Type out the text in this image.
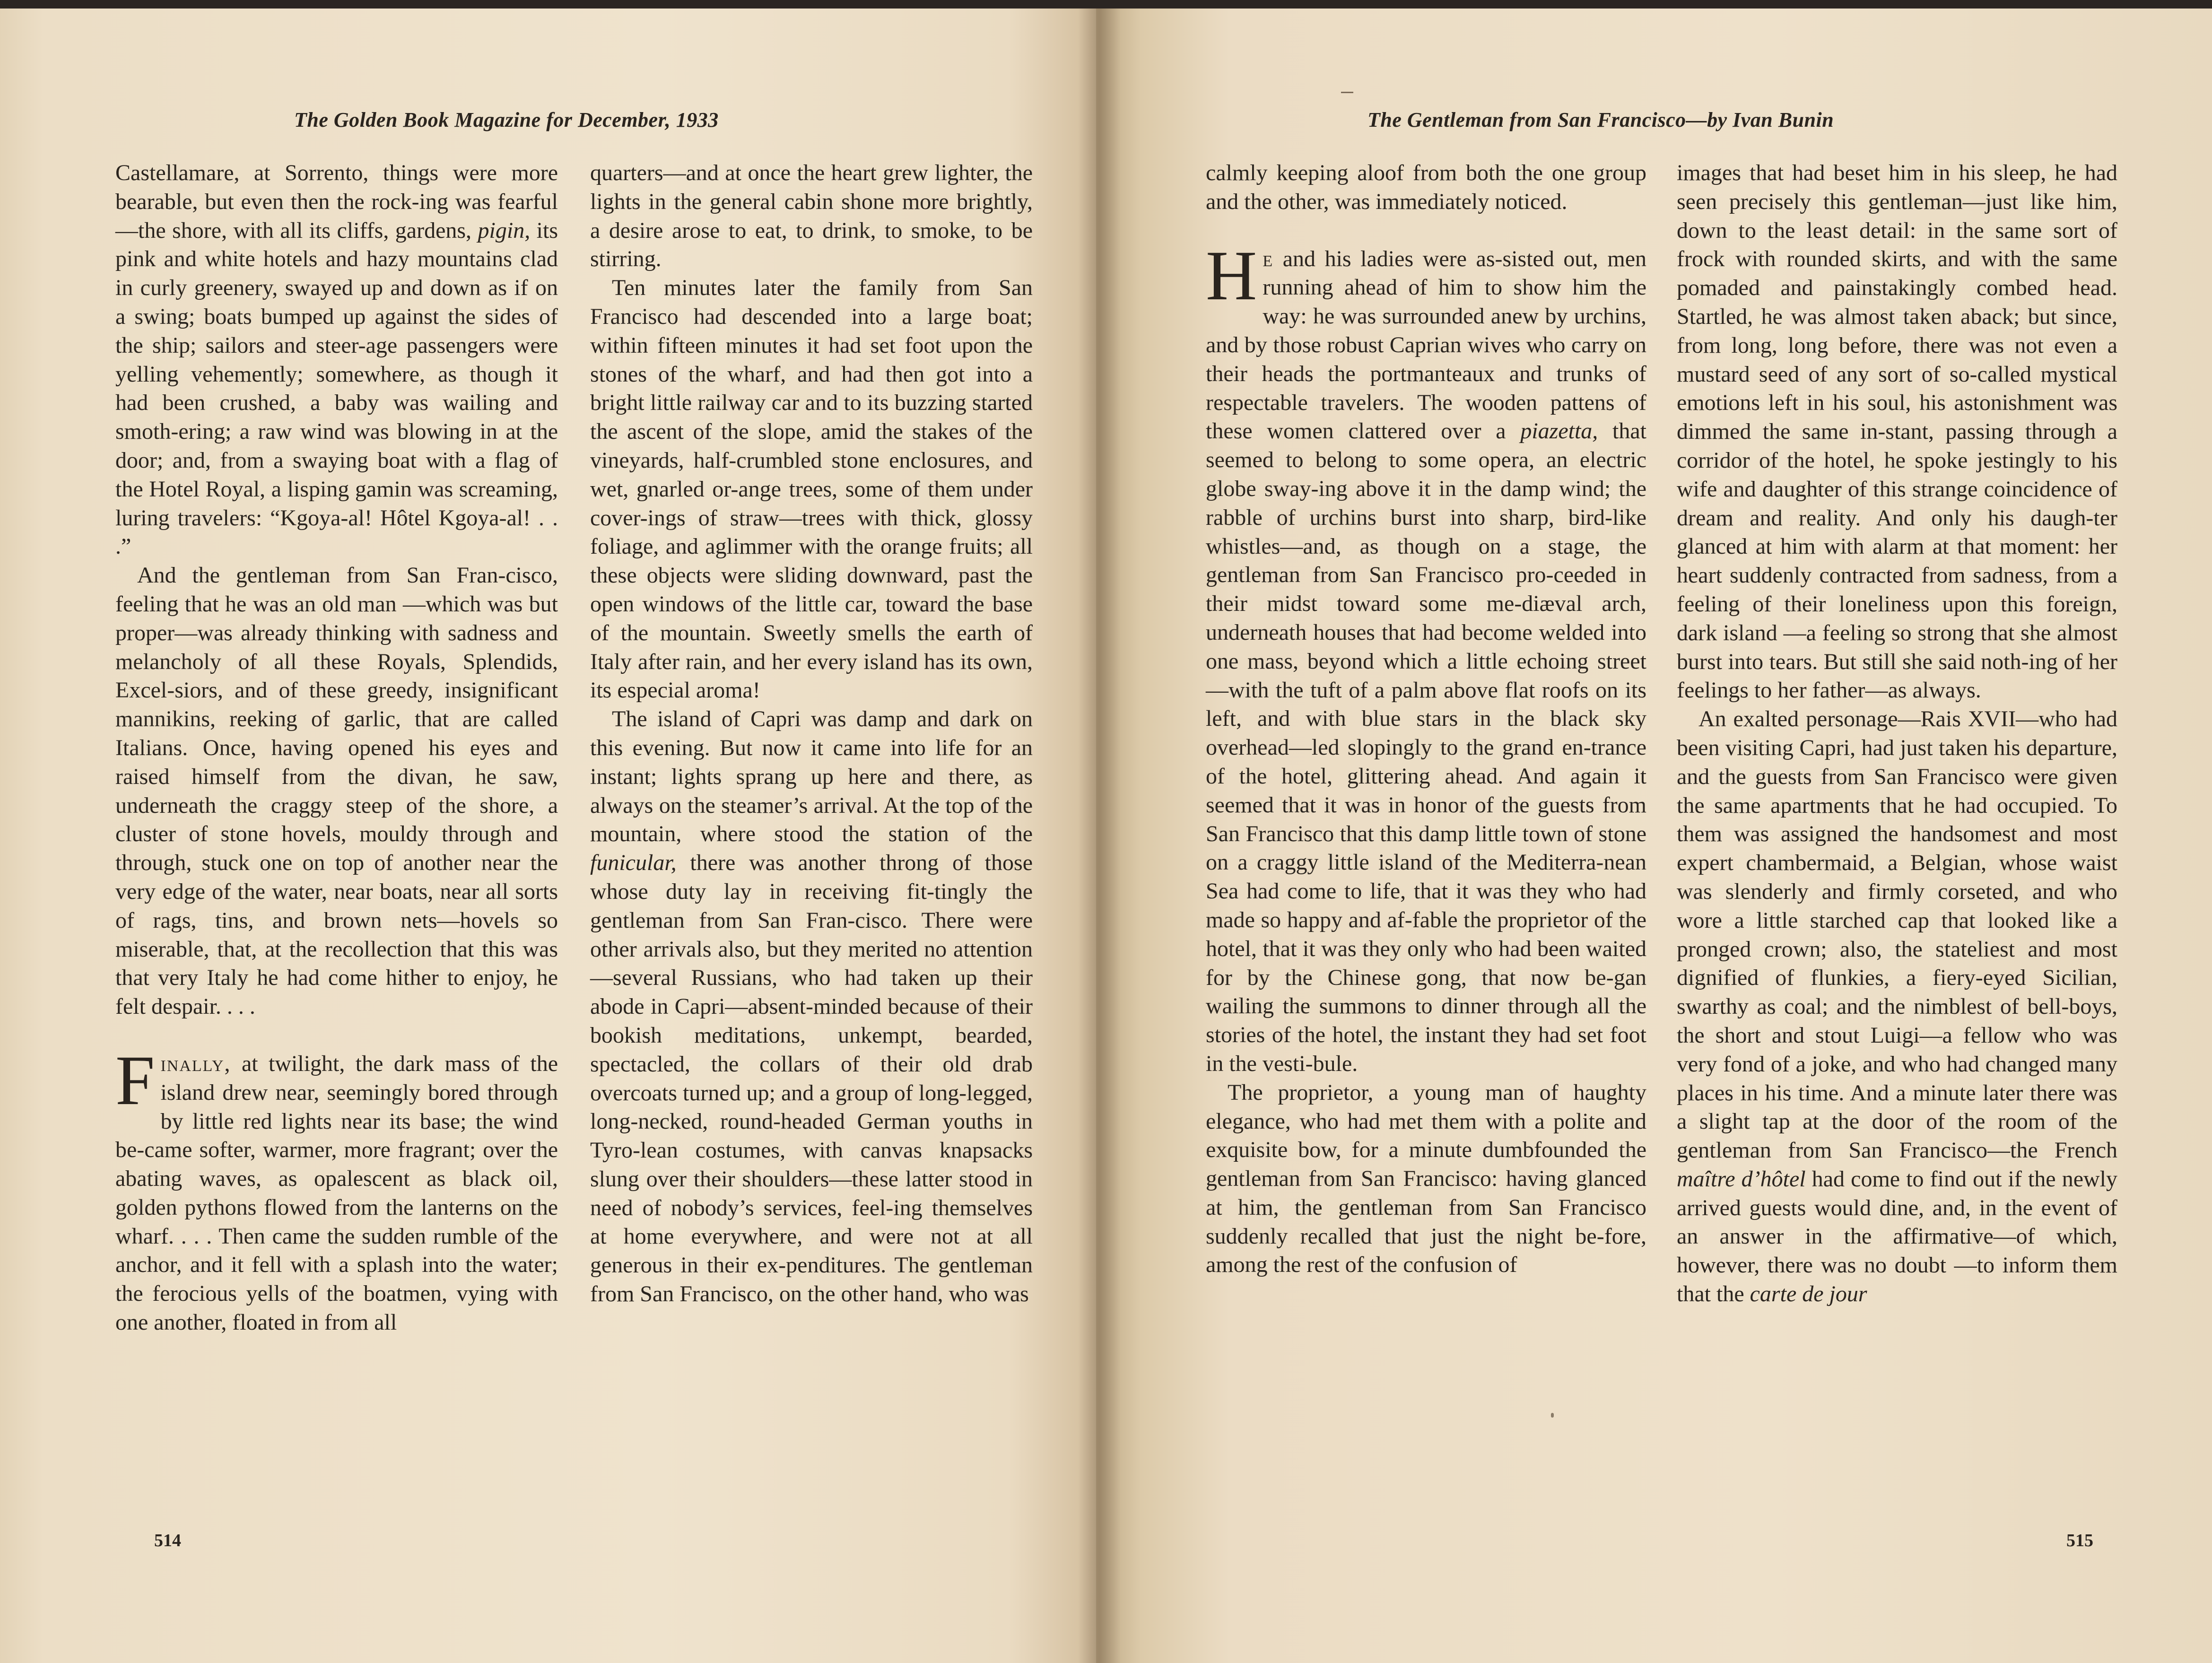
The Golden Book Magazine for December, 1933

Castellamare, at Sorrento, things were more bearable, but even then the rock-ing was fearful—the shore, with all its cliffs, gardens, pigin, its pink and white hotels and hazy mountains clad in curly greenery, swayed up and down as if on a swing; boats bumped up against the sides of the ship; sailors and steer-age passengers were yelling vehemently; somewhere, as though it had been crushed, a baby was wailing and smoth-ering; a raw wind was blowing in at the door; and, from a swaying boat with a flag of the Hotel Royal, a lisping gamin was screaming, luring travelers: “Kgoya-al! Hôtel Kgoya-al! . . .”

And the gentleman from San Fran-cisco, feeling that he was an old man —which was but proper—was already thinking with sadness and melancholy of all these Royals, Splendids, Excel-siors, and of these greedy, insignificant mannikins, reeking of garlic, that are called Italians. Once, having opened his eyes and raised himself from the divan, he saw, underneath the craggy steep of the shore, a cluster of stone hovels, mouldy through and through, stuck one on top of another near the very edge of the water, near boats, near all sorts of rags, tins, and brown nets—hovels so miserable, that, at the recollection that this was that very Italy he had come hither to enjoy, he felt despair. . . .

Finally, at twilight, the dark mass of the island drew near, seemingly bored through by little red lights near its base; the wind be-came softer, warmer, more fragrant; over the abating waves, as opalescent as black oil, golden pythons flowed from the lanterns on the wharf. . . . Then came the sudden rumble of the anchor, and it fell with a splash into the water; the ferocious yells of the boatmen, vying with one another, floated in from all

quarters—and at once the heart grew lighter, the lights in the general cabin shone more brightly, a desire arose to eat, to drink, to smoke, to be stirring.

Ten minutes later the family from San Francisco had descended into a large boat; within fifteen minutes it had set foot upon the stones of the wharf, and had then got into a bright little railway car and to its buzzing started the ascent of the slope, amid the stakes of the vineyards, half-crumbled stone enclosures, and wet, gnarled or-ange trees, some of them under cover-ings of straw—trees with thick, glossy foliage, and aglimmer with the orange fruits; all these objects were sliding downward, past the open windows of the little car, toward the base of the mountain. Sweetly smells the earth of Italy after rain, and her every island has its own, its especial aroma!

The island of Capri was damp and dark on this evening. But now it came into life for an instant; lights sprang up here and there, as always on the steamer’s arrival. At the top of the mountain, where stood the station of the funicular, there was another throng of those whose duty lay in receiving fit-tingly the gentleman from San Fran-cisco. There were other arrivals also, but they merited no attention—several Russians, who had taken up their abode in Capri—absent-minded because of their bookish meditations, unkempt, bearded, spectacled, the collars of their old drab overcoats turned up; and a group of long-legged, long-necked, round-headed German youths in Tyro-lean costumes, with canvas knapsacks slung over their shoulders—these latter stood in need of nobody’s services, feel-ing themselves at home everywhere, and were not at all generous in their ex-penditures. The gentleman from San Francisco, on the other hand, who was

514
The Gentleman from San Francisco—by Ivan Bunin

calmly keeping aloof from both the one group and the other, was immediately noticed.

He and his ladies were as-sisted out, men running ahead of him to show him the way: he was surrounded anew by urchins, and by those robust Caprian wives who carry on their heads the portmanteaux and trunks of respectable travelers. The wooden pattens of these women clattered over a piazetta, that seemed to belong to some opera, an electric globe sway-ing above it in the damp wind; the rabble of urchins burst into sharp, bird-like whistles—and, as though on a stage, the gentleman from San Francisco pro-ceeded in their midst toward some me-diæval arch, underneath houses that had become welded into one mass, beyond which a little echoing street—with the tuft of a palm above flat roofs on its left, and with blue stars in the black sky overhead—led slopingly to the grand en-trance of the hotel, glittering ahead. And again it seemed that it was in honor of the guests from San Francisco that this damp little town of stone on a craggy little island of the Mediterra-nean Sea had come to life, that it was they who had made so happy and af-fable the proprietor of the hotel, that it was they only who had been waited for by the Chinese gong, that now be-gan wailing the summons to dinner through all the stories of the hotel, the instant they had set foot in the vesti-bule.

The proprietor, a young man of haughty elegance, who had met them with a polite and exquisite bow, for a minute dumbfounded the gentleman from San Francisco: having glanced at him, the gentleman from San Francisco suddenly recalled that just the night be-fore, among the rest of the confusion of

images that had beset him in his sleep, he had seen precisely this gentleman—just like him, down to the least detail: in the same sort of frock with rounded skirts, and with the same pomaded and painstakingly combed head. Startled, he was almost taken aback; but since, from long, long before, there was not even a mustard seed of any sort of so-called mystical emotions left in his soul, his astonishment was dimmed the same in-stant, passing through a corridor of the hotel, he spoke jestingly to his wife and daughter of this strange coincidence of dream and reality. And only his daugh-ter glanced at him with alarm at that moment: her heart suddenly contracted from sadness, from a feeling of their loneliness upon this foreign, dark island —a feeling so strong that she almost burst into tears. But still she said noth-ing of her feelings to her father—as always.

An exalted personage—Rais XVII—who had been visiting Capri, had just taken his departure, and the guests from San Francisco were given the same apartments that he had occupied. To them was assigned the handsomest and most expert chambermaid, a Belgian, whose waist was slenderly and firmly corseted, and who wore a little starched cap that looked like a pronged crown; also, the stateliest and most dignified of flunkies, a fiery-eyed Sicilian, swarthy as coal; and the nimblest of bell-boys, the short and stout Luigi—a fellow who was very fond of a joke, and who had changed many places in his time. And a minute later there was a slight tap at the door of the room of the gentleman from San Francisco—the French maître d’hôtel had come to find out if the newly arrived guests would dine, and, in the event of an answer in the affirmative—of which, however, there was no doubt —to inform them that the carte de jour

515
